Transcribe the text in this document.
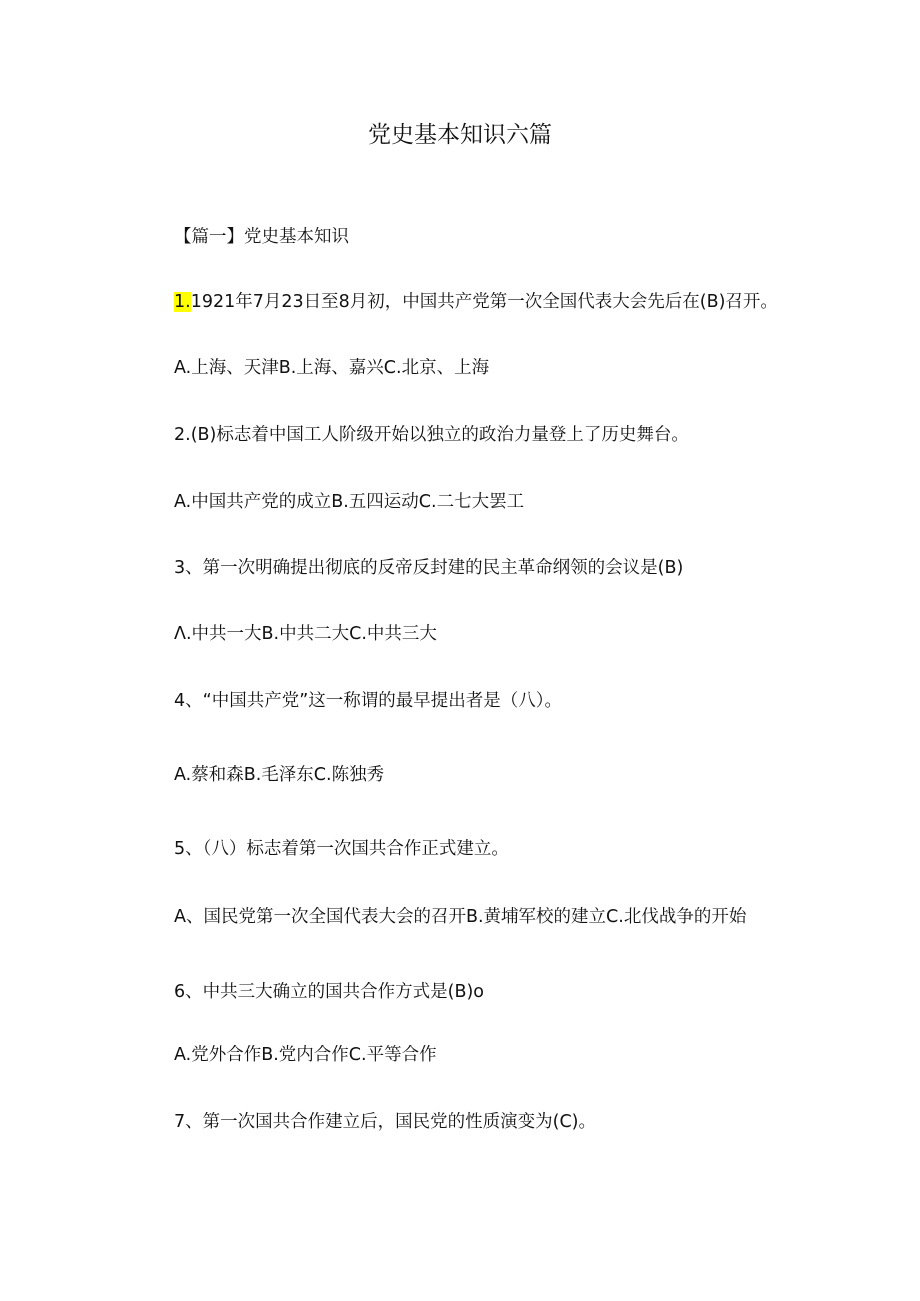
党史基本知识六篇
【篇一】党史基本知识
1.1921年7月23日至8月初，中国共产党第一次全国代表大会先后在(B)召开。
A.上海、天津B.上海、嘉兴C.北京、上海
2.(B)标志着中国工人阶级开始以独立的政治力量登上了历史舞台。
A.中国共产党的成立B.五四运动C.二七大罢工
3、第一次明确提出彻底的反帝反封建的民主革命纲领的会议是(B)
Λ.中共一大B.中共二大C.中共三大
4、“中国共产党”这一称谓的最早提出者是（八）。
A.蔡和森B.毛泽东C.陈独秀
5、（八）标志着第一次国共合作正式建立。
A、国民党第一次全国代表大会的召开B.黄埔军校的建立C.北伐战争的开始
6、中共三大确立的国共合作方式是(B)o
A.党外合作B.党内合作C.平等合作
7、第一次国共合作建立后，国民党的性质演变为(C)。
